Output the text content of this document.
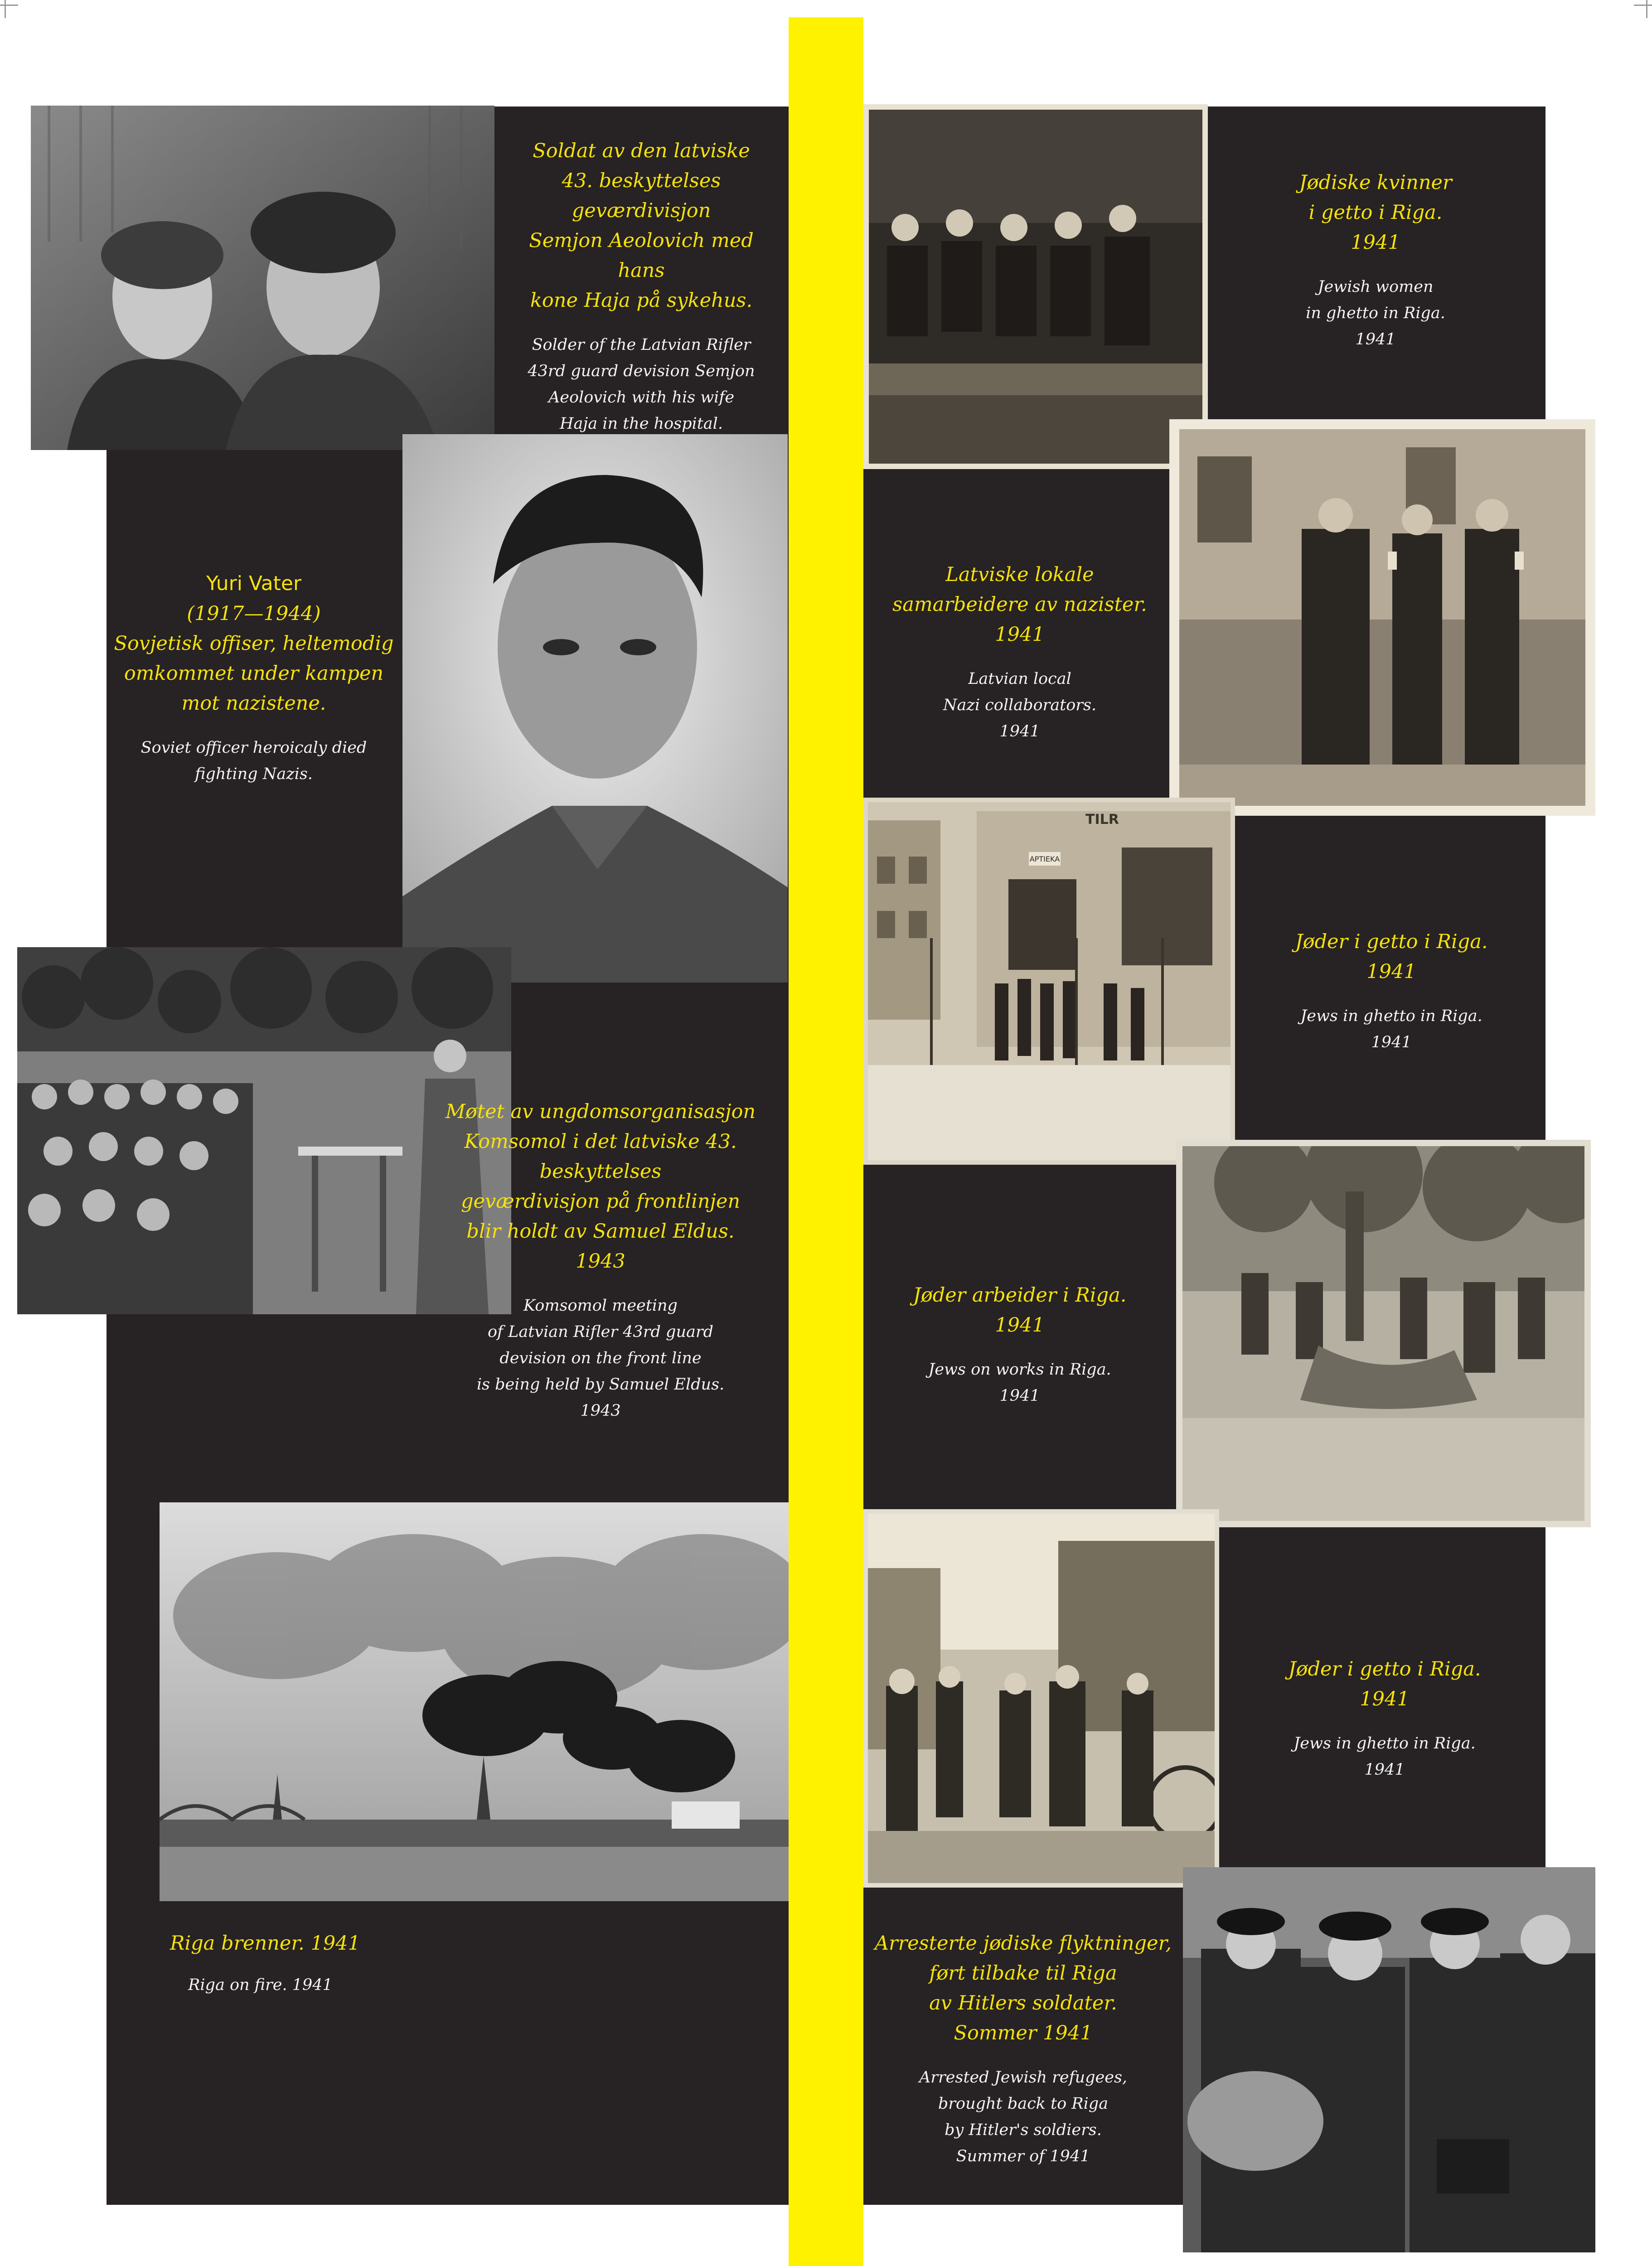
APTIEKA
TILR
Soldat av den latviske
43. beskyttelses geværdivisjon
Semjon Aeolovich med hans
kone Haja på sykehus.
Solder of the Latvian Rifler
43rd guard devision Semjon
Aeolovich with his wife
Haja in the hospital.
Yuri Vater
(1917—1944)
Sovjetisk offiser, heltemodig
omkommet under kampen
mot nazistene.
Soviet officer heroicaly died
fighting Nazis.
Møtet av ungdomsorganisasjon
Komsomol i det latviske 43. beskyttelses
geværdivisjon på frontlinjen
blir holdt av Samuel Eldus.
1943
Komsomol meeting
of Latvian Rifler 43rd guard
devision on the front line
is being held by Samuel Eldus.
1943
Riga brenner. 1941
Riga on fire. 1941
Jødiske kvinner
i getto i Riga.
1941
Jewish women
in ghetto in Riga.
1941
Latviske lokale
samarbeidere av nazister.
1941
Latvian local
Nazi collaborators.
1941
Jøder i getto i Riga.
1941
Jews in ghetto in Riga.
1941
Jøder arbeider i Riga.
1941
Jews on works in Riga.
1941
Jøder i getto i Riga.
1941
Jews in ghetto in Riga.
1941
Arresterte jødiske flyktninger,
ført tilbake til Riga
av Hitlers soldater.
Sommer 1941
Arrested Jewish refugees,
brought back to Riga
by Hitler's soldiers.
Summer of 1941
